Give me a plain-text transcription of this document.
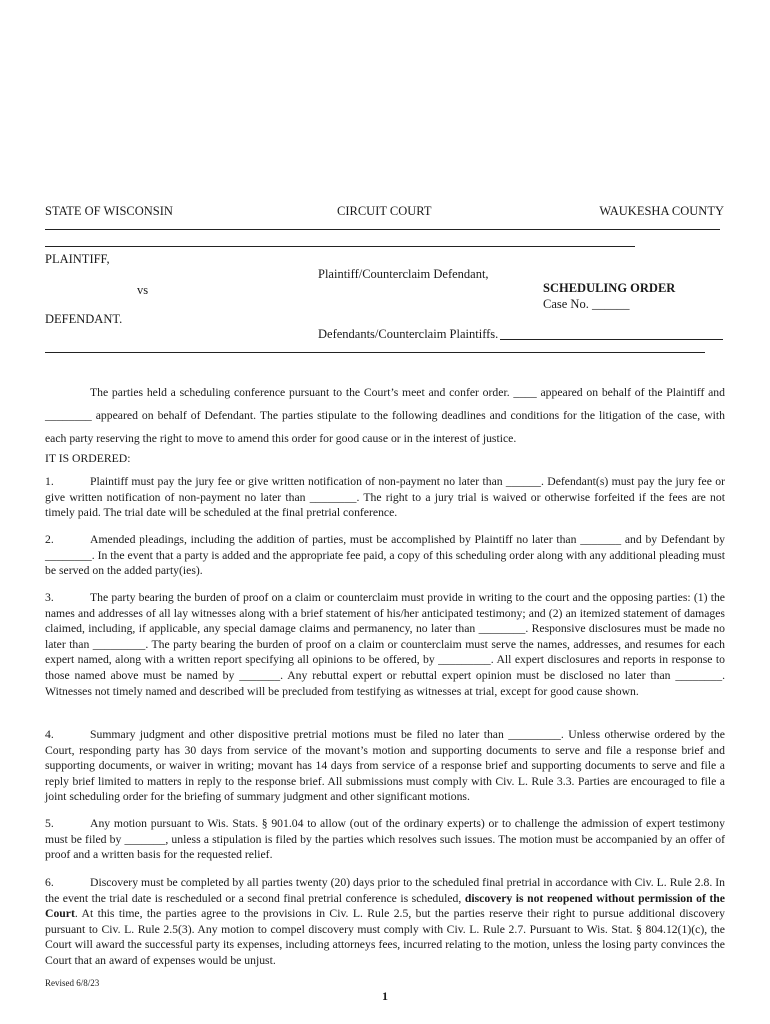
STATE OF WISCONSIN	CIRCUIT COURT	WAUKESHA COUNTY
PLAINTIFF,
Plaintiff/Counterclaim Defendant,
vs	SCHEDULING ORDER
Case No. ______
DEFENDANT.
Defendants/Counterclaim Plaintiffs.
The parties held a scheduling conference pursuant to the Court’s meet and confer order. ____ appeared on behalf of the Plaintiff and ________ appeared on behalf of Defendant. The parties stipulate to the following deadlines and conditions for the litigation of the case, with each party reserving the right to move to amend this order for good cause or in the interest of justice.
IT IS ORDERED:
1.	Plaintiff must pay the jury fee or give written notification of non-payment no later than ______. Defendant(s) must pay the jury fee or give written notification of non-payment no later than ________. The right to a jury trial is waived or otherwise forfeited if the fees are not timely paid. The trial date will be scheduled at the final pretrial conference.
2.	Amended pleadings, including the addition of parties, must be accomplished by Plaintiff no later than _______ and by Defendant by ________. In the event that a party is added and the appropriate fee paid, a copy of this scheduling order along with any additional pleading must be served on the added party(ies).
3.	The party bearing the burden of proof on a claim or counterclaim must provide in writing to the court and the opposing parties: (1) the names and addresses of all lay witnesses along with a brief statement of his/her anticipated testimony; and (2) an itemized statement of damages claimed, including, if applicable, any special damage claims and permanency, no later than ________. Responsive disclosures must be made no later than _________. The party bearing the burden of proof on a claim or counterclaim must serve the names, addresses, and resumes for each expert named, along with a written report specifying all opinions to be offered, by _________. All expert disclosures and reports in response to those named above must be named by _______. Any rebuttal expert or rebuttal expert opinion must be disclosed no later than ________. Witnesses not timely named and described will be precluded from testifying as witnesses at trial, except for good cause shown.
4.	Summary judgment and other dispositive pretrial motions must be filed no later than _________. Unless otherwise ordered by the Court, responding party has 30 days from service of the movant’s motion and supporting documents to serve and file a response brief and supporting documents, or waiver in writing; movant has 14 days from service of a response brief and supporting documents to serve and file a reply brief limited to matters in reply to the response brief. All submissions must comply with Civ. L. Rule 3.3. Parties are encouraged to file a joint scheduling order for the briefing of summary judgment and other significant motions.
5.	Any motion pursuant to Wis. Stats. § 901.04 to allow (out of the ordinary experts) or to challenge the admission of expert testimony must be filed by _______, unless a stipulation is filed by the parties which resolves such issues. The motion must be accompanied by an offer of proof and a written basis for the requested relief.
6.	Discovery must be completed by all parties twenty (20) days prior to the scheduled final pretrial in accordance with Civ. L. Rule 2.8. In the event the trial date is rescheduled or a second final pretrial conference is scheduled, discovery is not reopened without permission of the Court. At this time, the parties agree to the provisions in Civ. L. Rule 2.5, but the parties reserve their right to pursue additional discovery pursuant to Civ. L. Rule 2.5(3). Any motion to compel discovery must comply with Civ. L. Rule 2.7. Pursuant to Wis. Stat. § 804.12(1)(c), the Court will award the successful party its expenses, including attorneys fees, incurred relating to the motion, unless the losing party convinces the Court that an award of expenses would be unjust.
Revised 6/8/23
1
